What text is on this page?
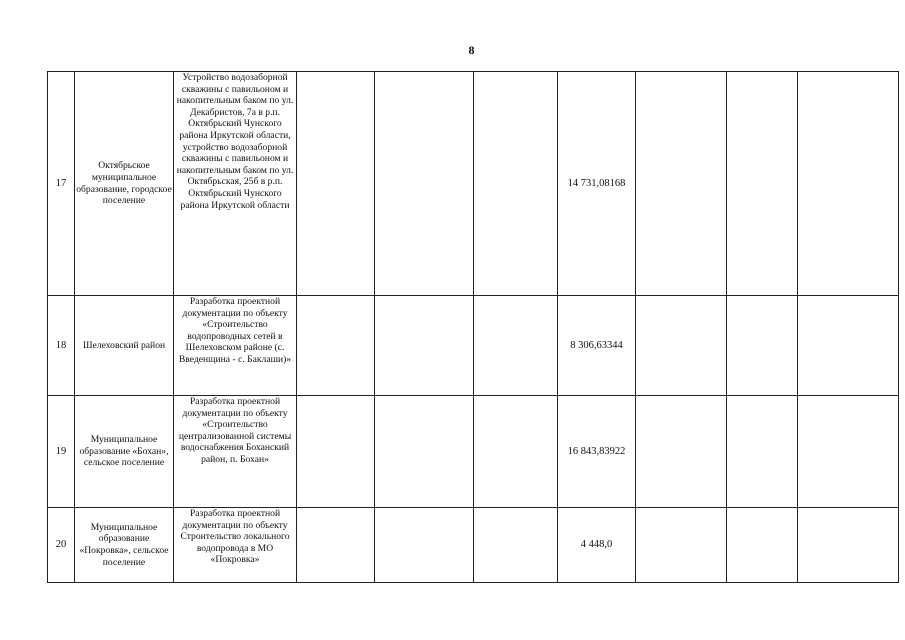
8
17	Октябрьское муниципальное образование, городское поселение	Устройство водозаборной скважины с павильоном и накопительным баком по ул. Декабристов, 7а в р.п. Октябрьский Чунского района Иркутской области, устройство водозаборной скважины с павильоном и накопительным баком по ул. Октябрьская, 25б в р.п. Октябрьский Чунского района Иркутской области				14 731,08168			
18	Шелеховский район	Разработка проектной документации по объекту «Строительство водопроводных сетей в Шелеховском районе (с. Введенщина - с. Баклаши)»				8 306,63344			
19	Муниципальное образование «Бохан», сельское поселение	Разработка проектной документации по объекту «Строительство централизованной системы водоснабжения Боханский район, п. Бохан»				16 843,83922			
20	Муниципальное образование «Покровка», сельское поселение	Разработка проектной документации по объекту Строительство локального водопровода в МО «Покровка»				4 448,0			
